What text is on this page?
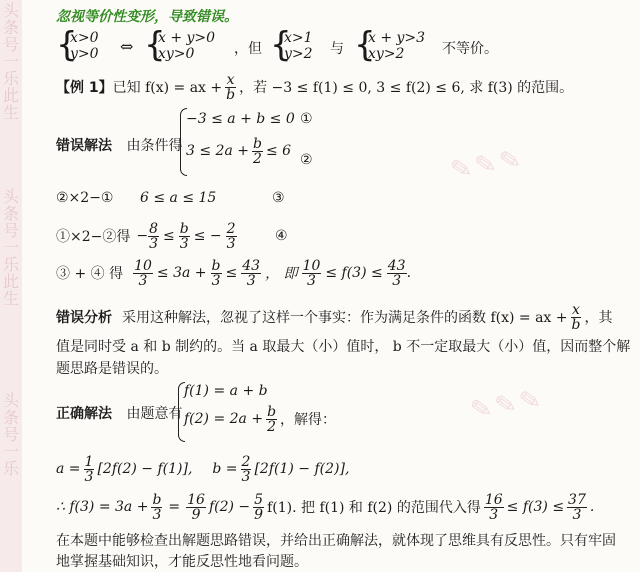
头条号一乐此生
头条号一乐此生
头条号一乐
✎✎✎
✎✎✎
忽视等价性变形，导致错误。
{
x>0
y>0 ⇔ {
x + y>0
xy>0	，但 {
x>1
y>2 与 {
x + y>3
xy>2	不等价。
【例 1】 已知 f(x) = ax + $\frac{x}{b}$ ，若 −3 ≤ f(1) ≤ 0, 3 ≤ f(2) ≤ 6, 求 f(3) 的范围。
错误解法 由条件得
−3 ≤ a + b ≤ 0 ①
$3 \le 2a + \frac{b}{2} \le 6$
②
②×2−① 6 ≤ a ≤ 15	③
①×2−②得 − $\frac{8}{3} \le \frac{b}{3}$ ≤ − $\frac{2}{3}$	④
③ + ④ 得 $\frac{10}{3} \le 3a + \frac{b}{3} \le \frac{43}{3}$ ， 即 $\frac{10}{3} \le f(3) \le \frac{43}{3}$ .
错误分析 采用这种解法，忽视了这样一个事实：作为满足条件的函数 f(x) = ax + $\frac{x}{b}$ ，其
值是同时受 a 和 b 制约的。当 a 取最大（小）值时， b 不一定取最大（小）值，因而整个解
题思路是错误的。
正确解法 由题意有
f(1) = a + b
$f(2) = 2a + \frac{b}{2}$ ，解得：
$a = \frac{1}{3} [2f(2) - f(1)]$, $b = \frac{2}{3} [2f(1) - f(2)]$,
∴ $f(3) = 3a + \frac{b}{3} = \frac{16}{9} f(2) - \frac{5}{9} f(1)$. 把 f(1) 和 f(2) 的范围代入得 $\frac{16}{3} \le f(3) \le \frac{37}{3}$ .
在本题中能够检查出解题思路错误，并给出正确解法，就体现了思维具有反思性。只有牢固
地掌握基础知识，才能反思性地看问题。
